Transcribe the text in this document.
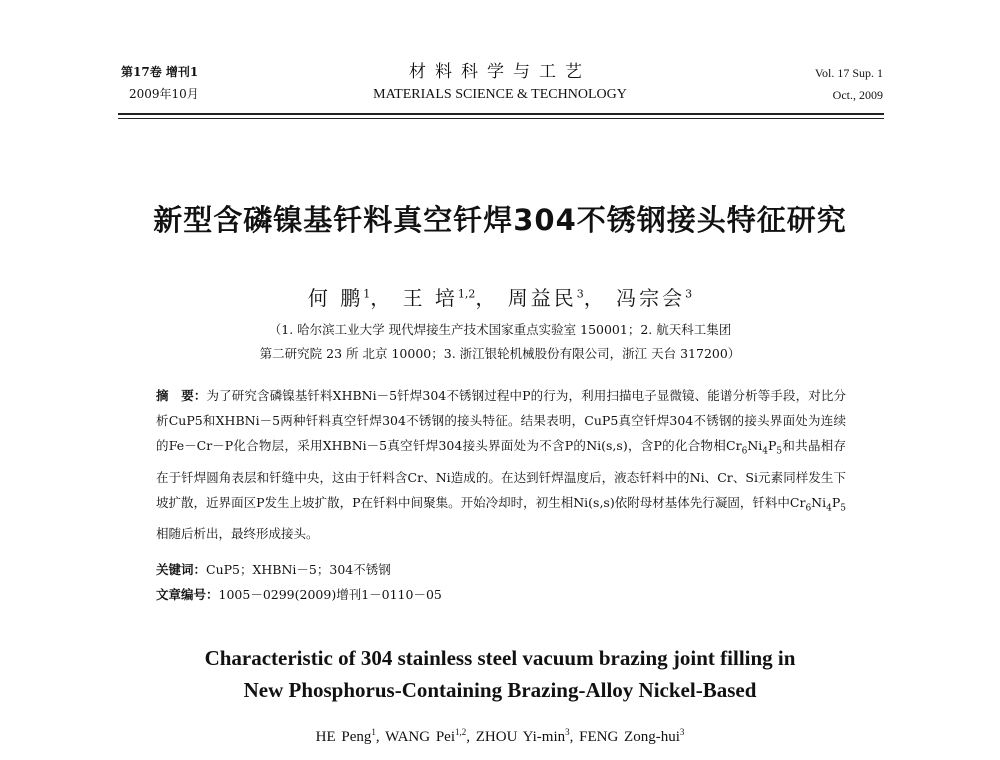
第17卷 增刊1
2009年10月
材料科学与工艺
MATERIALS SCIENCE & TECHNOLOGY
Vol. 17 Sup. 1
Oct., 2009
新型含磷镍基钎料真空钎焊304不锈钢接头特征研究
何 鹏$^1$， 王 培$^{1,2}$， 周益民$^3$， 冯宗会$^3$
（1. 哈尔滨工业大学 现代焊接生产技术国家重点实验室 150001；2. 航天科工集团
第二研究院 23 所 北京 10000；3. 浙江银轮机械股份有限公司，浙江 天台 317200）
摘　要：为了研究含磷镍基钎料XHBNi－5钎焊304不锈钢过程中P的行为，利用扫描电子显微镜、能谱分析等手段，对比分析CuP5和XHBNi－5两种钎料真空钎焊304不锈钢的接头特征。结果表明，CuP5真空钎焊304不锈钢的接头界面处为连续的Fe－Cr－P化合物层，采用XHBNi－5真空钎焊304接头界面处为不含P的Ni(s,s)，含P的化合物相$Cr_6Ni_4P_5$和共晶相存在于钎焊圆角表层和钎缝中央，这由于钎料含Cr、Ni造成的。在达到钎焊温度后，液态钎料中的Ni、Cr、Si元素同样发生下坡扩散，近界面区P发生上坡扩散，P在钎料中间聚集。开始冷却时，初生相Ni(s,s)依附母材基体先行凝固，钎料中$Cr_6Ni_4P_5$相随后析出，最终形成接头。
关键词：CuP5；XHBNi－5；304不锈钢
文章编号：1005－0299(2009)增刊1－0110－05
Characteristic of 304 stainless steel vacuum brazing joint filling in
New Phosphorus-Containing Brazing-Alloy Nickel-Based
HE Peng$^1$, WANG Pei$^{1,2}$, ZHOU $Yi-\min^3$, FENG Zong-hui$^3$
